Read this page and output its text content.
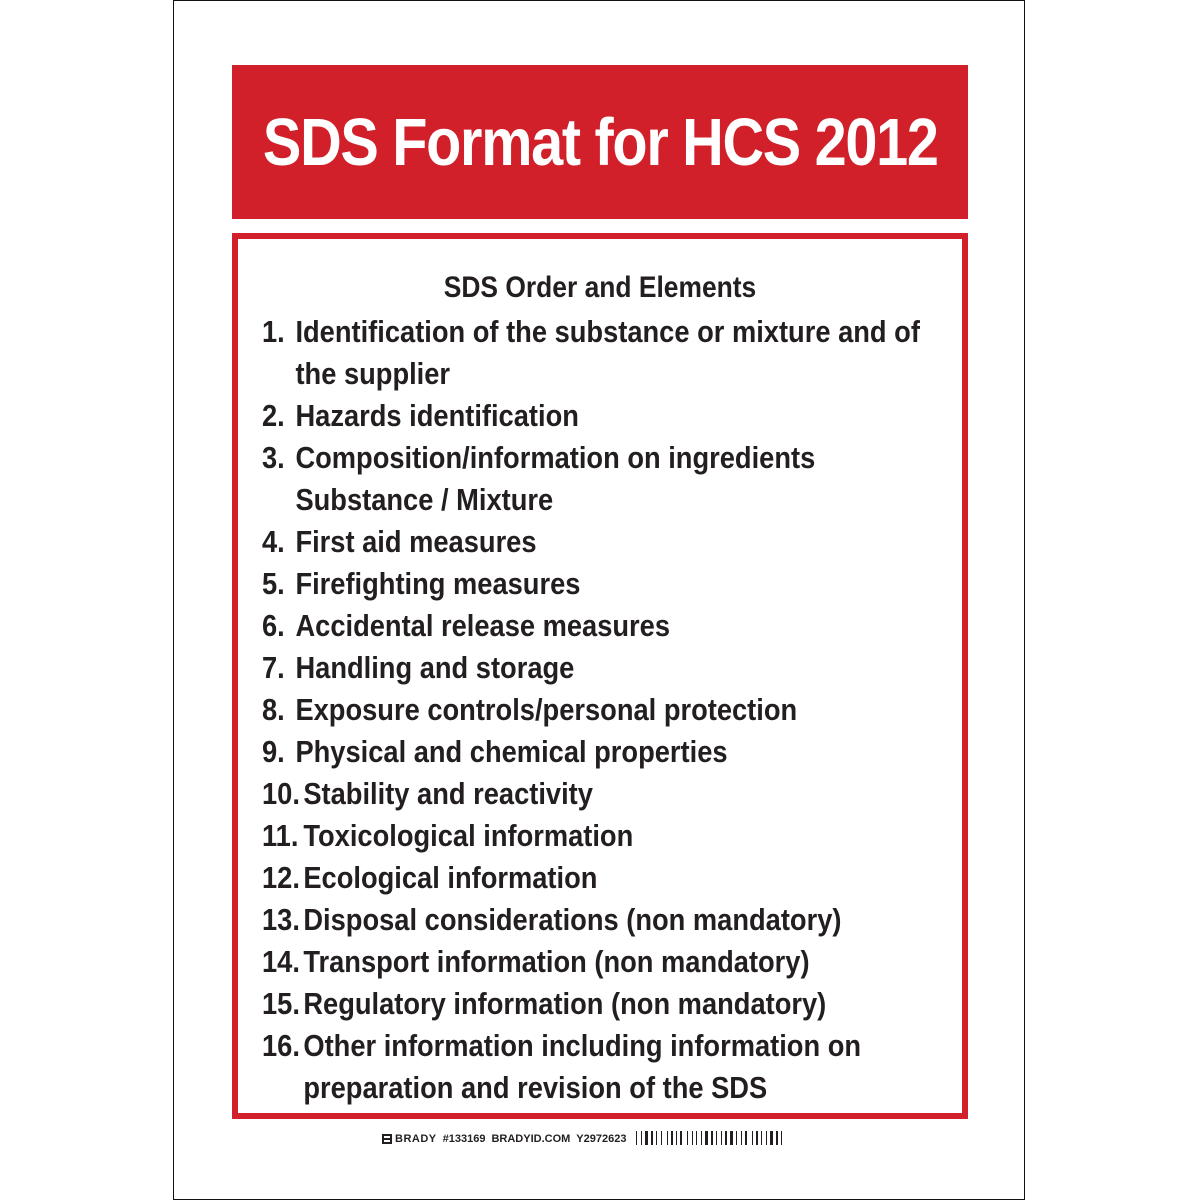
SDS Format for HCS 2012
SDS Order and Elements
1. Identification of the substance or mixture and of the supplier
2. Hazards identification
3. Composition/information on ingredients Substance / Mixture
4. First aid measures
5. Firefighting measures
6. Accidental release measures
7. Handling and storage
8. Exposure controls/personal protection
9. Physical and chemical properties
10. Stability and reactivity
11. Toxicological information
12. Ecological information
13. Disposal considerations (non mandatory)
14. Transport information (non mandatory)
15. Regulatory information (non mandatory)
16. Other information including information on preparation and revision of the SDS
BRADY #133169 BRADYID.COM Y2972623
